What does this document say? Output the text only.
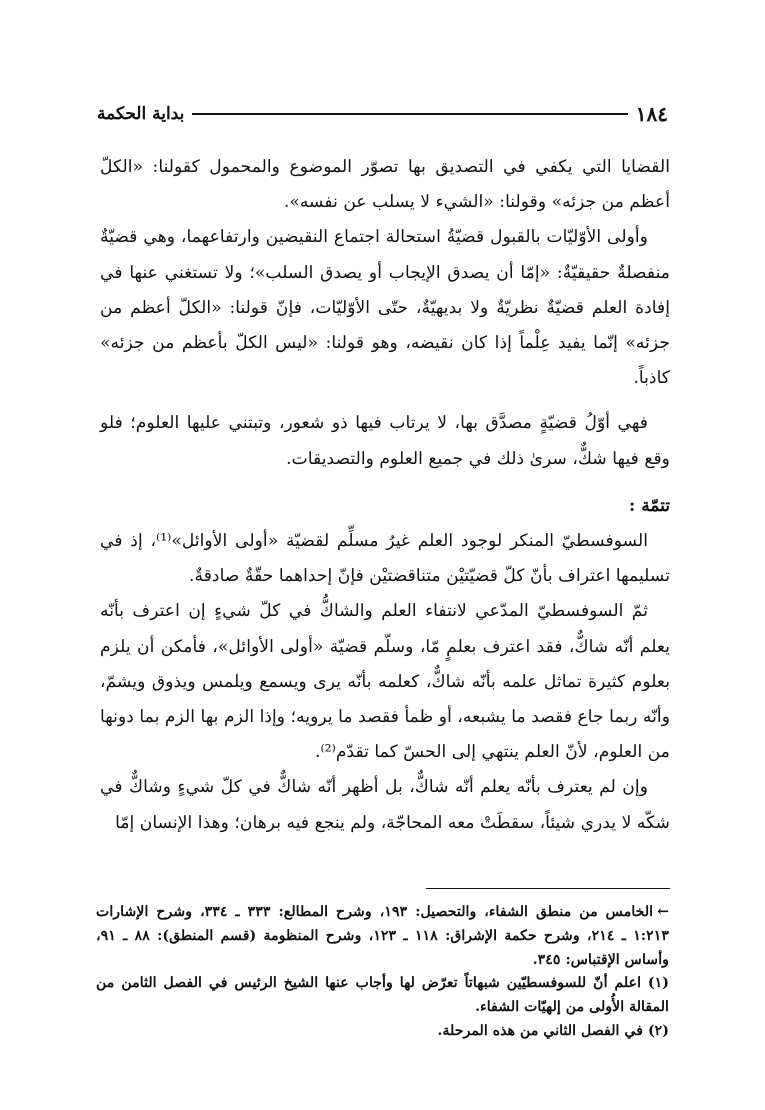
بداية الحكمة	١٨٤

القضايا التي يكفي في التصديق بها تصوّر الموضوع والمحمول كقولنا: «الكلّ أعظم من جزئه» وقولنا: «الشيء لا يسلب عن نفسه».

وأولى الأوّليّات بالقبول قضيّةُ استحالة اجتماع النقيضين وارتفاعهما، وهي قضيّةٌ منفصلةٌ حقيقيّةٌ: «إمّا أن يصدق الإيجاب أو يصدق السلب»؛ ولا تستغني عنها في إفادة العلم قضيّةٌ نظريّةٌ ولا بديهيّةٌ، حتّى الأوّليّات، فإنّ قولنا: «الكلّ أعظم من جزئه» إنّما يفيد عِلْماً إذا كان نقيضه، وهو قولنا: «ليس الكلّ بأعظم من جزئه» كاذباً.

فهي أوّلُ قضيّةٍ مصدَّق بها، لا يرتاب فيها ذو شعور، وتبتني عليها العلوم؛ فلو وقع فيها شكٌّ، سرىٰ ذلك في جميع العلوم والتصديقات.

تتمّة :

السوفسطيّ المنكر لوجود العلم غيرُ مسلِّم لقضيّة «أولى الأوائل»⁽¹⁾، إذ في تسليمها اعتراف بأنّ كلّ قضيّتيْن متناقضتيْن فإنّ إحداهما حقّةٌ صادقةٌ.

ثمّ السوفسطيّ المدّعي لانتفاء العلم والشاكُّ في كلّ شيءٍ إن اعترف بأنّه يعلم أنّه شاكٌّ، فقد اعترف بعلمٍ مّا، وسلّم قضيّة «أولى الأوائل»، فأمكن أن يلزم بعلوم كثيرة تماثل علمه بأنّه شاكٌّ، كعلمه بأنّه يرى ويسمع ويلمس ويذوق ويشمّ، وأنّه ربما جاع فقصد ما يشبعه، أو ظمأ فقصد ما يرويه؛ وإذا الزم بها الزم بما دونها من العلوم، لأنّ العلم ينتهي إلى الحسّ كما تقدّم⁽²⁾.

وإن لم يعترف بأنّه يعلم أنّه شاكٌّ، بل أظهر أنّه شاكٌّ في كلّ شيءٍ وشاكٌّ في شكّه لا يدري شيئاً، سقطَتْ معه المحاجّة، ولم ينجع فيه برهان؛ وهذا الإنسان إمّا

←الخامس من منطق الشفاء، والتحصيل: ١٩٣، وشرح المطالع: ٣٣٣ ـ ٣٣٤، وشرح الإشارات ١:٢١٣ ـ ٢١٤، وشرح حكمة الإشراق: ١١٨ ـ ١٢٣، وشرح المنظومة (قسم المنطق): ٨٨ ـ ٩١، وأساس الإقتباس: ٣٤٥.

(١) اعلم أنّ للسوفسطيّين شبهاتاً تعرّض لها وأجاب عنها الشيخ الرئيس في الفصل الثامن من المقالة الأُولى من إلهيّات الشفاء.

(٢) في الفصل الثاني من هذه المرحلة.
